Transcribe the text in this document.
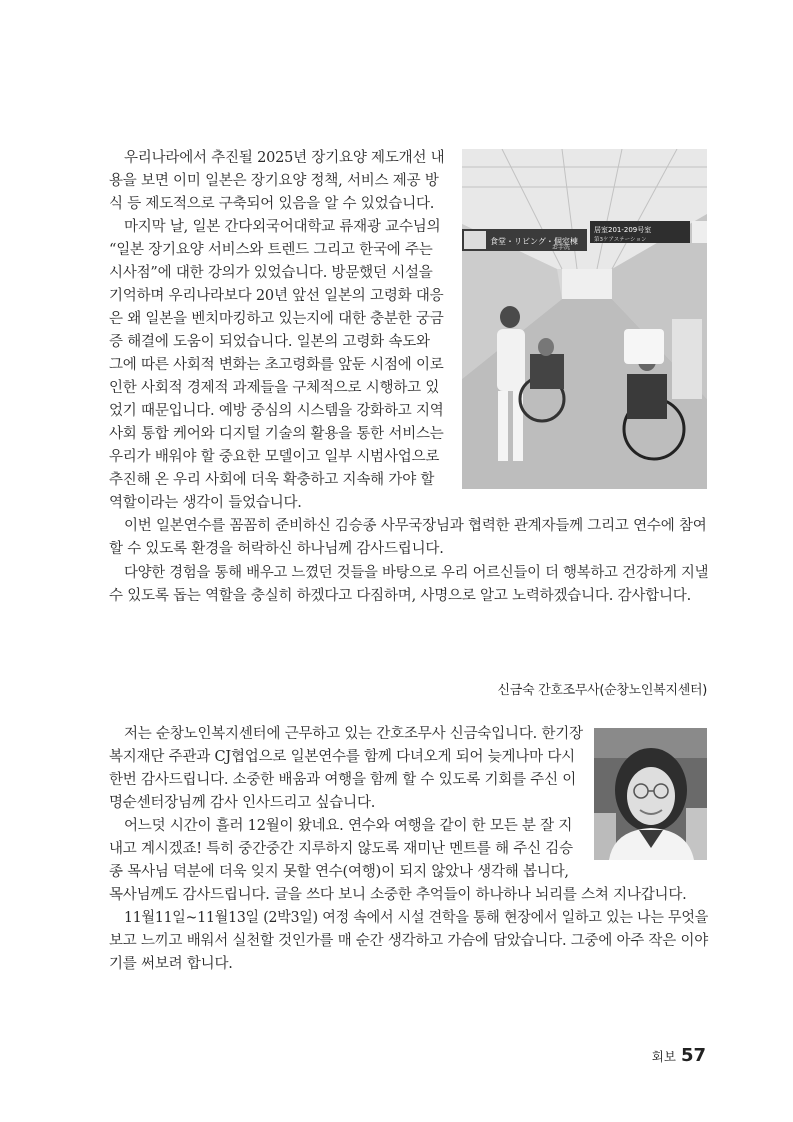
우리나라에서 추진될 2025년 장기요양 제도개선 내

용을 보면 이미 일본은 장기요양 정책, 서비스 제공 방

식 등 제도적으로 구축되어 있음을 알 수 있었습니다.

마지막 날, 일본 간다외국어대학교 류재광 교수님의

“일본 장기요양 서비스와 트렌드 그리고 한국에 주는

시사점”에 대한 강의가 있었습니다. 방문했던 시설을

기억하며 우리나라보다 20년 앞선 일본의 고령화 대응

은 왜 일본을 벤치마킹하고 있는지에 대한 충분한 궁금

증 해결에 도움이 되었습니다. 일본의 고령화 속도와

그에 따른 사회적 변화는 초고령화를 앞둔 시점에 이로

인한 사회적 경제적 과제들을 구체적으로 시행하고 있

었기 때문입니다. 예방 중심의 시스템을 강화하고 지역

사회 통합 케어와 디지털 기술의 활용을 통한 서비스는

우리가 배워야 할 중요한 모델이고 일부 시범사업으로

추진해 온 우리 사회에 더욱 확충하고 지속해 가야 할

역할이라는 생각이 들었습니다.

이번 일본연수를 꼼꼼히 준비하신 김승종 사무국장님과 협력한 관계자들께 그리고 연수에 참여

할 수 있도록 환경을 허락하신 하나님께 감사드립니다.

다양한 경험을 통해 배우고 느꼈던 것들을 바탕으로 우리 어르신들이 더 행복하고 건강하게 지낼

수 있도록 돕는 역할을 충실히 하겠다고 다짐하며, 사명으로 알고 노력하겠습니다. 감사합니다.

食堂・リビング・個室棟
お手洗
居室201-209号室
第3ケアステーション

신금숙 간호조무사(순창노인복지센터)

저는 순창노인복지센터에 근무하고 있는 간호조무사 신금숙입니다. 한기장

복지재단 주관과 CJ협업으로 일본연수를 함께 다녀오게 되어 늦게나마 다시

한번 감사드립니다. 소중한 배움과 여행을 함께 할 수 있도록 기회를 주신 이

명순센터장님께 감사 인사드리고 싶습니다.

어느덧 시간이 흘러 12월이 왔네요. 연수와 여행을 같이 한 모든 분 잘 지

내고 계시겠죠! 특히 중간중간 지루하지 않도록 재미난 멘트를 해 주신 김승

종 목사님 덕분에 더욱 잊지 못할 연수(여행)이 되지 않았나 생각해 봅니다,

목사님께도 감사드립니다. 글을 쓰다 보니 소중한 추억들이 하나하나 뇌리를 스쳐 지나갑니다.

11월11일~11월13일 (2박3일) 여정 속에서 시설 견학을 통해 현장에서 일하고 있는 나는 무엇을

보고 느끼고 배워서 실천할 것인가를 매 순간 생각하고 가슴에 담았습니다. 그중에 아주 작은 이야

기를 써보려 합니다.

회보 57
